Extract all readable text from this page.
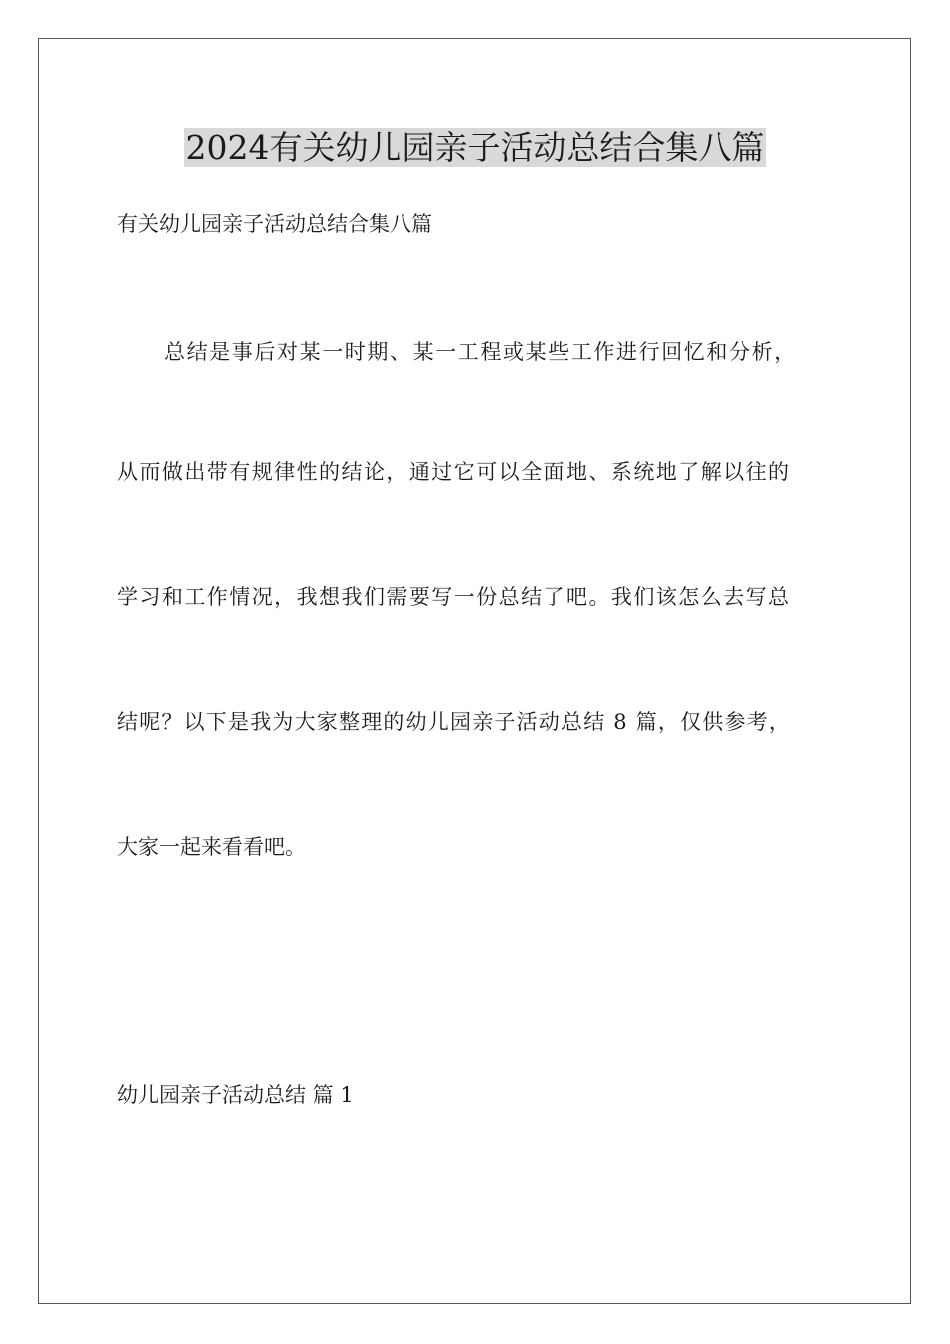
2024有关幼儿园亲子活动总结合集八篇

有关幼儿园亲子活动总结合集八篇

总结是事后对某一时期、某一工程或某些工作进行回忆和分析，

从而做出带有规律性的结论，通过它可以全面地、系统地了解以往的

学习和工作情况，我想我们需要写一份总结了吧。我们该怎么去写总

结呢？以下是我为大家整理的幼儿园亲子活动总结 8 篇，仅供参考，

大家一起来看看吧。

幼儿园亲子活动总结 篇 1
